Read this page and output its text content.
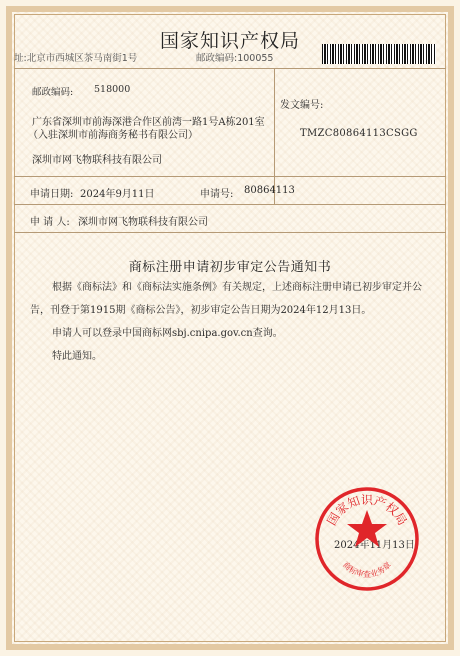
国家知识产权局
址:北京市西城区茶马南街1号	邮政编码:100055
邮政编码: 518000
广东省深圳市前海深港合作区前湾一路1号A栋201室
（入驻深圳市前海商务秘书有限公司）
深圳市网飞物联科技有限公司
发文编号:
TMZC80864113CSGG
申请日期: 2024年9月11日	申请号: 80864113
申 请 人: 深圳市网飞物联科技有限公司
商标注册申请初步审定公告通知书
根据《商标法》和《商标法实施条例》有关规定，上述商标注册申请已初步审定并公
告，刊登于第1915期《商标公告》，初步审定公告日期为2024年12月13日。
申请人可以登录中国商标网sbj.cnipa.gov.cn查询。
特此通知。
2024年11月13日
国家知识产权局
商标审查业务章
